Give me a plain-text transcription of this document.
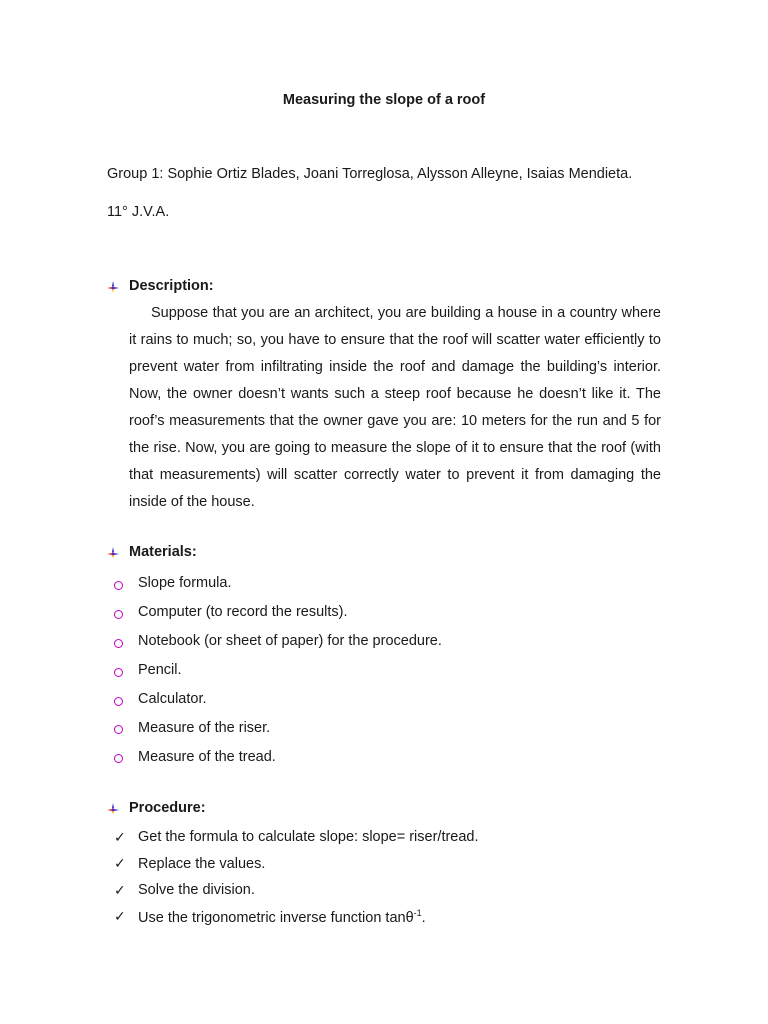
Measuring the slope of a roof
Group 1: Sophie Ortiz Blades, Joani Torreglosa, Alysson Alleyne, Isaias Mendieta.
11° J.V.A.
Description:
Suppose that you are an architect, you are building a house in a country where it rains to much; so, you have to ensure that the roof will scatter water efficiently to prevent water from infiltrating inside the roof and damage the building’s interior. Now, the owner doesn’t wants such a steep roof because he doesn’t like it. The roof’s measurements that the owner gave you are: 10 meters for the run and 5 for the rise. Now, you are going to measure the slope of it to ensure that the roof (with that measurements) will scatter correctly water to prevent it from damaging the inside of the house.
Materials:
Slope formula.
Computer (to record the results).
Notebook (or sheet of paper) for the procedure.
Pencil.
Calculator.
Measure of the riser.
Measure of the tread.
Procedure:
✓ Get the formula to calculate slope: slope= riser/tread.
✓ Replace the values.
✓ Solve the division.
✓ Use the trigonometric inverse function tanθ$^{-1}$.
